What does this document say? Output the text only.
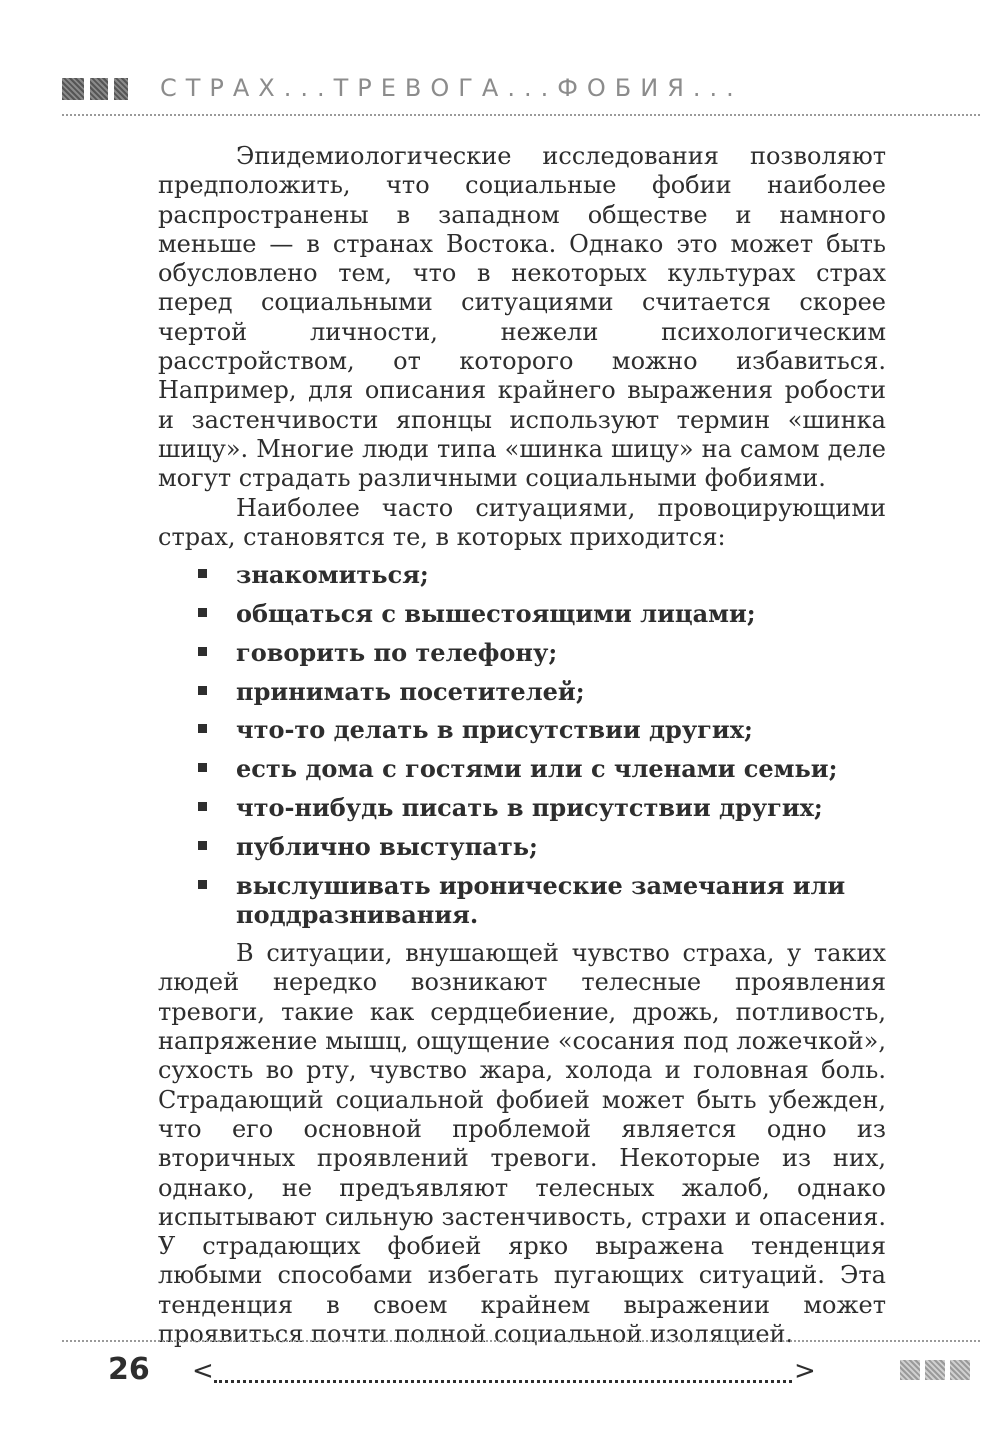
СТРАХ...ТРЕВОГА...ФОБИЯ...

Эпидемиологические исследования позволяют предположить, что социальные фобии наиболее распространены в западном обществе и намного меньше — в странах Востока. Однако это может быть обусловлено тем, что в некоторых культурах страх перед социальными ситуациями считается скорее чертой личности, нежели психологическим расстройством, от которого можно избавиться. Например, для описания крайнего выражения робости и застенчивости японцы используют термин «шинка шицу». Многие люди типа «шинка шицу» на самом деле могут страдать различными социальными фобиями.

Наиболее часто ситуациями, провоцирующими страх, становятся те, в которых приходится:

знакомиться;
общаться с вышестоящими лицами;
говорить по телефону;
принимать посетителей;
что-то делать в присутствии других;
есть дома с гостями или с членами семьи;
что-нибудь писать в присутствии других;
публично выступать;
выслушивать иронические замечания или поддразнивания.

В ситуации, внушающей чувство страха, у таких людей нередко возникают телесные проявления тревоги, такие как сердцебиение, дрожь, потливость, напряжение мышц, ощущение «сосания под ложечкой», сухость во рту, чувство жара, холода и головная боль. Страдающий социальной фобией может быть убежден, что его основной проблемой является одно из вторичных проявлений тревоги. Некоторые из них, однако, не предъявляют телесных жалоб, однако испытывают сильную застенчивость, страхи и опасения. У страдающих фобией ярко выражена тенденция любыми способами избегать пугающих ситуаций. Эта тенденция в своем крайнем выражении может проявиться почти полной социальной изоляцией.

26 <	>
